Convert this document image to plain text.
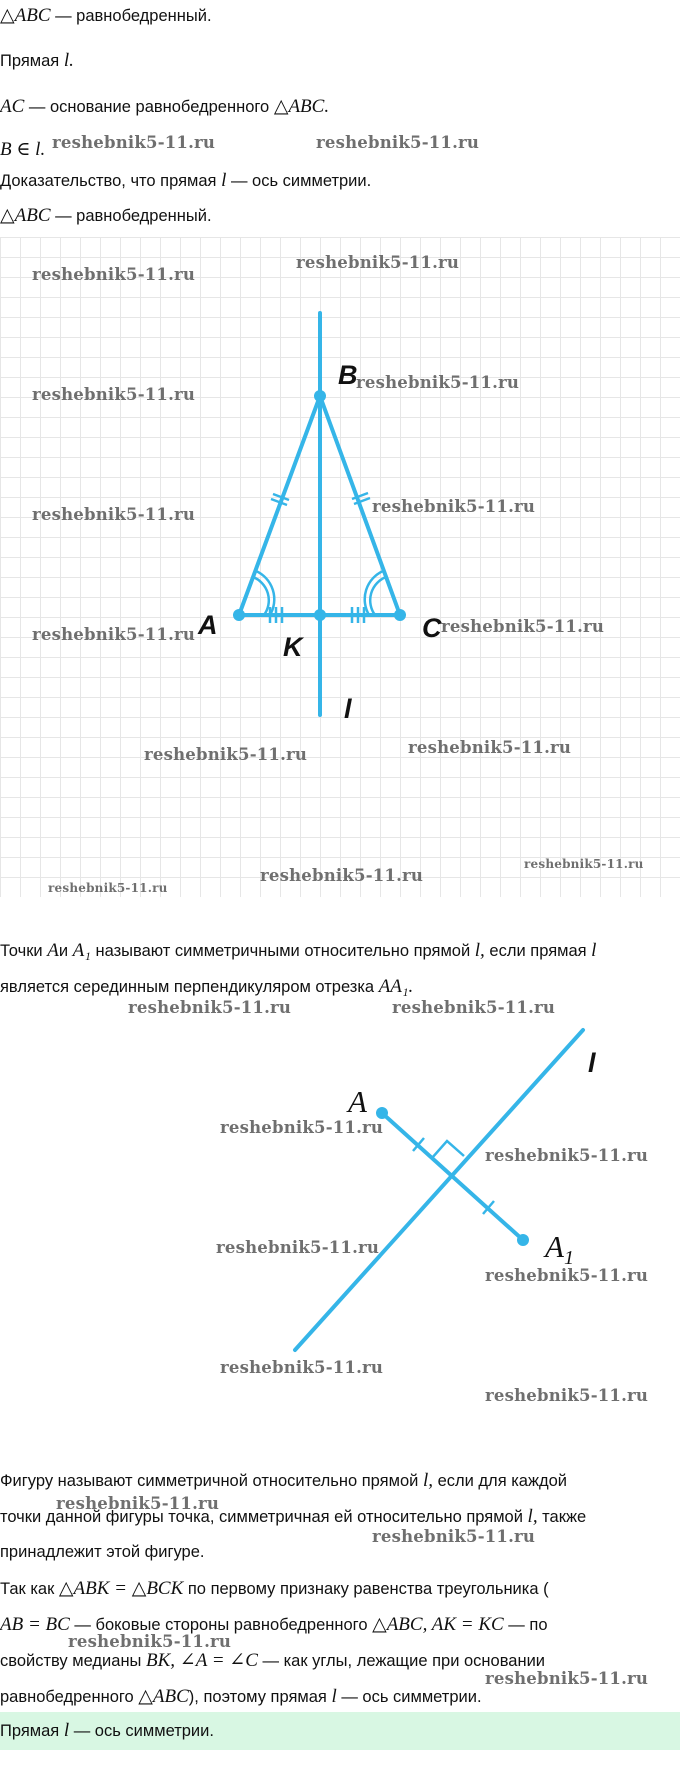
△ABC — равнобедренный.
Прямая l.
AC — основание равнобедренного △ABC.
B ∈ l.
Доказательство, что прямая l — ось симметрии.
△ABC — равнобедренный.
B
A	C
K
l
Точки Aи A₁ называют симметричными относительно прямой l, если прямая l
является серединным перпендикуляром отрезка AA₁.
A
$A_1$
l
Фигуру называют симметричной относительно прямой l, если для каждой
точки данной фигуры точка, симметричная ей относительно прямой l, также
принадлежит этой фигуре.
Так как △ABK = △BCK по первому признаку равенства треугольника (
AB = BC — боковые стороны равнобедренного △ABC, AK = KC — по
свойству медианы BK, ∠A = ∠C — как углы, лежащие при основании
равнобедренного △ABC), поэтому прямая l — ось симметрии.
Прямая l — ось симметрии.
reshebnik5-11.ru	reshebnik5-11.ru
reshebnik5-11.ru
reshebnik5-11.ru
reshebnik5-11.ru
reshebnik5-11.ru
reshebnik5-11.ru
reshebnik5-11.ru
reshebnik5-11.ru	reshebnik5-11.ru
reshebnik5-11.ru	reshebnik5-11.ru
reshebnik5-11.ru
reshebnik5-11.ru
reshebnik5-11.ru
reshebnik5-11.ru	reshebnik5-11.ru
reshebnik5-11.ru
reshebnik5-11.ru
reshebnik5-11.ru
reshebnik5-11.ru
reshebnik5-11.ru
reshebnik5-11.ru
reshebnik5-11.ru
reshebnik5-11.ru
reshebnik5-11.ru
reshebnik5-11.ru
